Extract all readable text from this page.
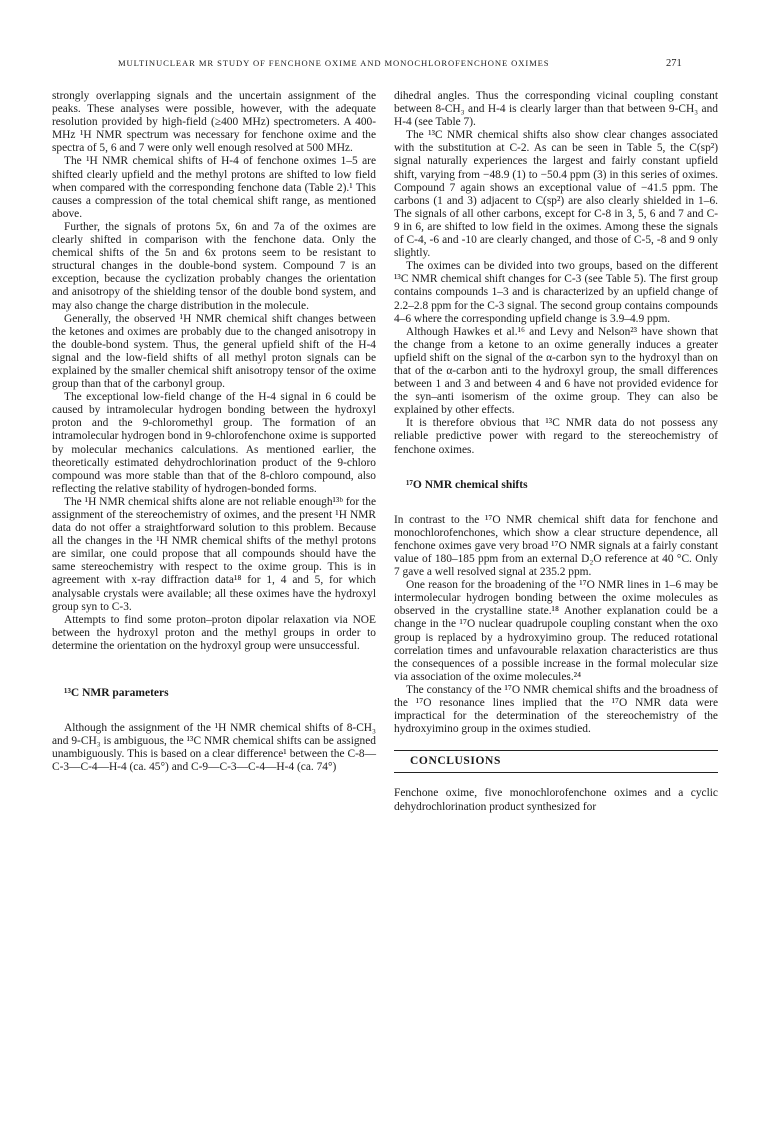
MULTINUCLEAR MR STUDY OF FENCHONE OXIME AND MONOCHLOROFENCHONE OXIMES	271

strongly overlapping signals and the uncertain assignment of the peaks. These analyses were possible, however, with the adequate resolution provided by high-field (≥400 MHz) spectrometers. A 400-MHz ¹H NMR spectrum was necessary for fenchone oxime and the spectra of 5, 6 and 7 were only well enough resolved at 500 MHz.

The ¹H NMR chemical shifts of H-4 of fenchone oximes 1–5 are shifted clearly upfield and the methyl protons are shifted to low field when compared with the corresponding fenchone data (Table 2).¹ This causes a compression of the total chemical shift range, as mentioned above.

Further, the signals of protons 5x, 6n and 7a of the oximes are clearly shifted in comparison with the fenchone data. Only the chemical shifts of the 5n and 6x protons seem to be resistant to structural changes in the double-bond system. Compound 7 is an exception, because the cyclization probably changes the orientation and anisotropy of the shielding tensor of the double bond system, and may also change the charge distribution in the molecule.

Generally, the observed ¹H NMR chemical shift changes between the ketones and oximes are probably due to the changed anisotropy in the double-bond system. Thus, the general upfield shift of the H-4 signal and the low-field shifts of all methyl proton signals can be explained by the smaller chemical shift anisotropy tensor of the oxime group than that of the carbonyl group.

The exceptional low-field change of the H-4 signal in 6 could be caused by intramolecular hydrogen bonding between the hydroxyl proton and the 9-chloromethyl group. The formation of an intramolecular hydrogen bond in 9-chlorofenchone oxime is supported by molecular mechanics calculations. As mentioned earlier, the theoretically estimated dehydrochlorination product of the 9-chloro compound was more stable than that of the 8-chloro compound, also reflecting the relative stability of hydrogen-bonded forms.

The ¹H NMR chemical shifts alone are not reliable enough¹³ᵇ for the assignment of the stereochemistry of oximes, and the present ¹H NMR data do not offer a straightforward solution to this problem. Because all the changes in the ¹H NMR chemical shifts of the methyl protons are similar, one could propose that all compounds should have the same stereochemistry with respect to the oxime group. This is in agreement with x-ray diffraction data¹⁸ for 1, 4 and 5, for which analysable crystals were available; all these oximes have the hydroxyl group syn to C-3.

Attempts to find some proton–proton dipolar relaxation via NOE between the hydroxyl proton and the methyl groups in order to determine the orientation on the hydroxyl group were unsuccessful.

¹³C NMR parameters

Although the assignment of the ¹H NMR chemical shifts of 8-CH₃ and 9-CH₃ is ambiguous, the ¹³C NMR chemical shifts can be assigned unambiguously. This is based on a clear difference¹ between the C-8—C-3—C-4—H-4 (ca. 45°) and C-9—C-3—C-4—H-4 (ca. 74°)

dihedral angles. Thus the corresponding vicinal coupling constant between 8-CH₃ and H-4 is clearly larger than that between 9-CH₃ and H-4 (see Table 7).

The ¹³C NMR chemical shifts also show clear changes associated with the substitution at C-2. As can be seen in Table 5, the C(sp²) signal naturally experiences the largest and fairly constant upfield shift, varying from −48.9 (1) to −50.4 ppm (3) in this series of oximes. Compound 7 again shows an exceptional value of −41.5 ppm. The carbons (1 and 3) adjacent to C(sp²) are also clearly shielded in 1–6. The signals of all other carbons, except for C-8 in 3, 5, 6 and 7 and C-9 in 6, are shifted to low field in the oximes. Among these the signals of C-4, -6 and -10 are clearly changed, and those of C-5, -8 and 9 only slightly.

The oximes can be divided into two groups, based on the different ¹³C NMR chemical shift changes for C-3 (see Table 5). The first group contains compounds 1–3 and is characterized by an upfield change of 2.2–2.8 ppm for the C-3 signal. The second group contains compounds 4–6 where the corresponding upfield change is 3.9–4.9 ppm.

Although Hawkes et al.¹⁶ and Levy and Nelson²³ have shown that the change from a ketone to an oxime generally induces a greater upfield shift on the signal of the α-carbon syn to the hydroxyl than on that of the α-carbon anti to the hydroxyl group, the small differences between 1 and 3 and between 4 and 6 have not provided evidence for the syn–anti isomerism of the oxime group. They can also be explained by other effects.

It is therefore obvious that ¹³C NMR data do not possess any reliable predictive power with regard to the stereochemistry of fenchone oximes.

¹⁷O NMR chemical shifts

In contrast to the ¹⁷O NMR chemical shift data for fenchone and monochlorofenchones, which show a clear structure dependence, all fenchone oximes gave very broad ¹⁷O NMR signals at a fairly constant value of 180–185 ppm from an external D₂O reference at 40 °C. Only 7 gave a well resolved signal at 235.2 ppm.

One reason for the broadening of the ¹⁷O NMR lines in 1–6 may be intermolecular hydrogen bonding between the oxime molecules as observed in the crystalline state.¹⁸ Another explanation could be a change in the ¹⁷O nuclear quadrupole coupling constant when the oxo group is replaced by a hydroxyimino group. The reduced rotational correlation times and unfavourable relaxation characteristics are thus the consequences of a possible increase in the formal molecular size via association of the oxime molecules.²⁴

The constancy of the ¹⁷O NMR chemical shifts and the broadness of the ¹⁷O resonance lines implied that the ¹⁷O NMR data were impractical for the determination of the stereochemistry of the hydroxyimino group in the oximes studied.

CONCLUSIONS

Fenchone oxime, five monochlorofenchone oximes and a cyclic dehydrochlorination product synthesized for
